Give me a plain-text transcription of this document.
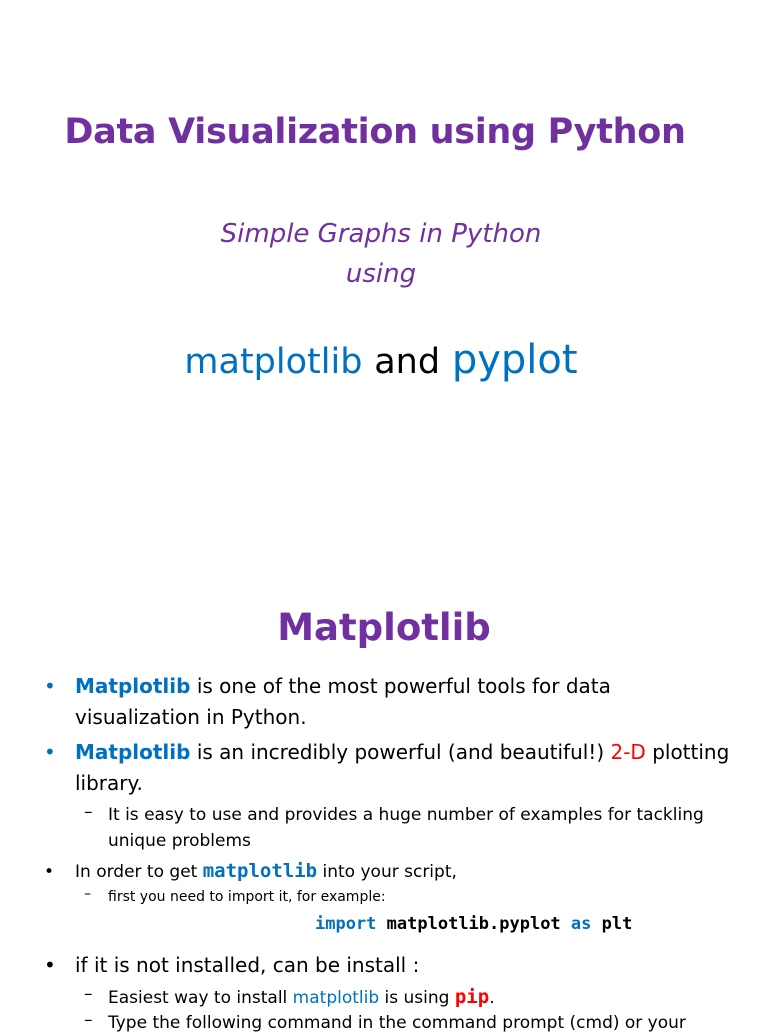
Data Visualization using Python
Simple Graphs in Python
using
matplotlib and pyplot
Matplotlib
• Matplotlib is one of the most powerful tools for data visualization in Python.
• Matplotlib is an incredibly powerful (and beautiful!) 2-D plotting library.
– It is easy to use and provides a huge number of examples for tackling unique problems
• In order to get matplotlib into your script,
– first you need to import it, for example:
import matplotlib.pyplot as plt
• if it is not installed, can be install :
– Easiest way to install matplotlib is using pip.
– Type the following command in the command prompt (cmd) or your
